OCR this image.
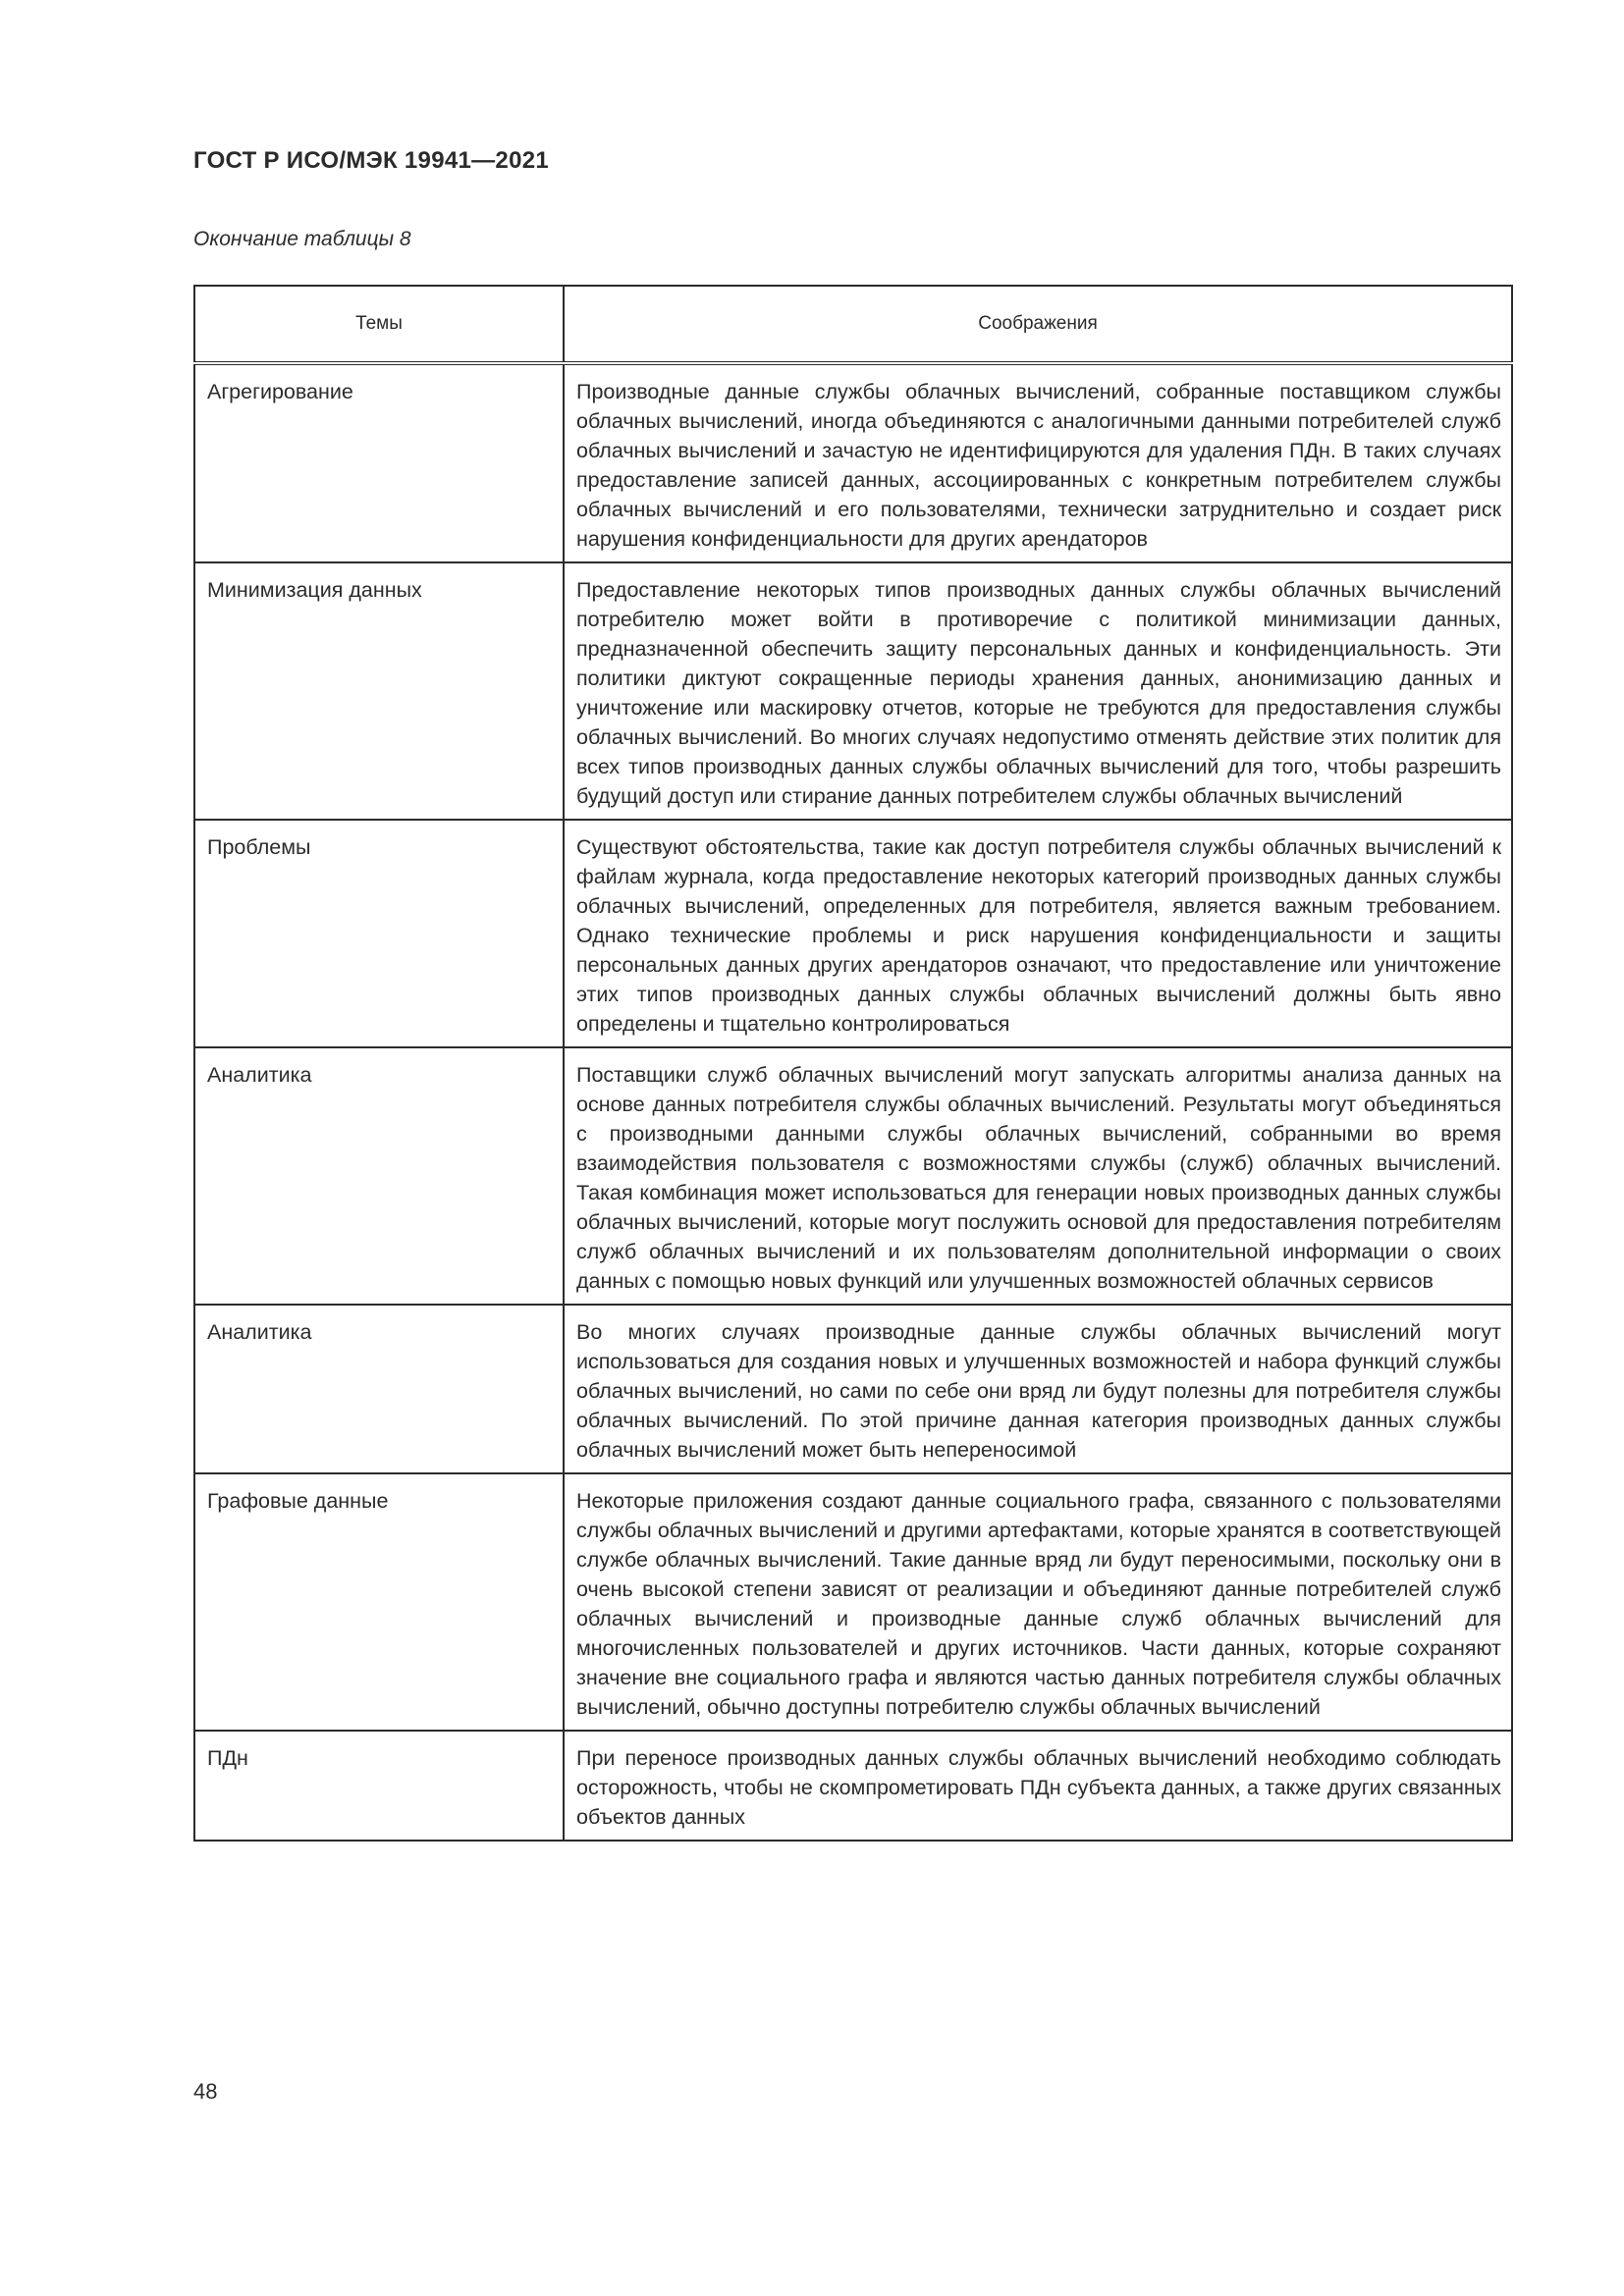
ГОСТ Р ИСО/МЭК 19941—2021
Окончание таблицы 8
Темы	Соображения
Агрегирование	Производные данные службы облачных вычислений, собранные поставщиком службы облачных вычислений, иногда объединяются с аналогичными данными потребителей служб облачных вычислений и зачастую не идентифицируются для удаления ПДн. В таких случаях предоставление записей данных, ассоциированных с конкретным потребителем службы облачных вычислений и его пользователями, технически затруднительно и создает риск нарушения конфиденциальности для других арендаторов
Минимизация данных	Предоставление некоторых типов производных данных службы облачных вычислений потребителю может войти в противоречие с политикой минимизации данных, предназначенной обеспечить защиту персональных данных и конфиденциальность. Эти политики диктуют сокращенные периоды хранения данных, анонимизацию данных и уничтожение или маскировку отчетов, которые не требуются для предоставления службы облачных вычислений. Во многих случаях недопустимо отменять действие этих политик для всех типов производных данных службы облачных вычислений для того, чтобы разрешить будущий доступ или стирание данных потребителем службы облачных вычислений
Проблемы	Существуют обстоятельства, такие как доступ потребителя службы облачных вычислений к файлам журнала, когда предоставление некоторых категорий производных данных службы облачных вычислений, определенных для потребителя, является важным требованием. Однако технические проблемы и риск нарушения конфиденциальности и защиты персональных данных других арендаторов означают, что предоставление или уничтожение этих типов производных данных службы облачных вычислений должны быть явно определены и тщательно контролироваться
Аналитика	Поставщики служб облачных вычислений могут запускать алгоритмы анализа данных на основе данных потребителя службы облачных вычислений. Результаты могут объединяться с производными данными службы облачных вычислений, собранными во время взаимодействия пользователя с возможностями службы (служб) облачных вычислений. Такая комбинация может использоваться для генерации новых производных данных службы облачных вычислений, которые могут послужить основой для предоставления потребителям служб облачных вычислений и их пользователям дополнительной информации о своих данных с помощью новых функций или улучшенных возможностей облачных сервисов
Аналитика	Во многих случаях производные данные службы облачных вычислений могут использоваться для создания новых и улучшенных возможностей и набора функций службы облачных вычислений, но сами по себе они вряд ли будут полезны для потребителя службы облачных вычислений. По этой причине данная категория производных данных службы облачных вычислений может быть непереносимой
Графовые данные	Некоторые приложения создают данные социального графа, связанного с пользователями службы облачных вычислений и другими артефактами, которые хранятся в соответствующей службе облачных вычислений. Такие данные вряд ли будут переносимыми, поскольку они в очень высокой степени зависят от реализации и объединяют данные потребителей служб облачных вычислений и производные данные служб облачных вычислений для многочисленных пользователей и других источников. Части данных, которые сохраняют значение вне социального графа и являются частью данных потребителя службы облачных вычислений, обычно доступны потребителю службы облачных вычислений
ПДн	При переносе производных данных службы облачных вычислений необходимо соблюдать осторожность, чтобы не скомпрометировать ПДн субъекта данных, а также других связанных объектов данных
48
